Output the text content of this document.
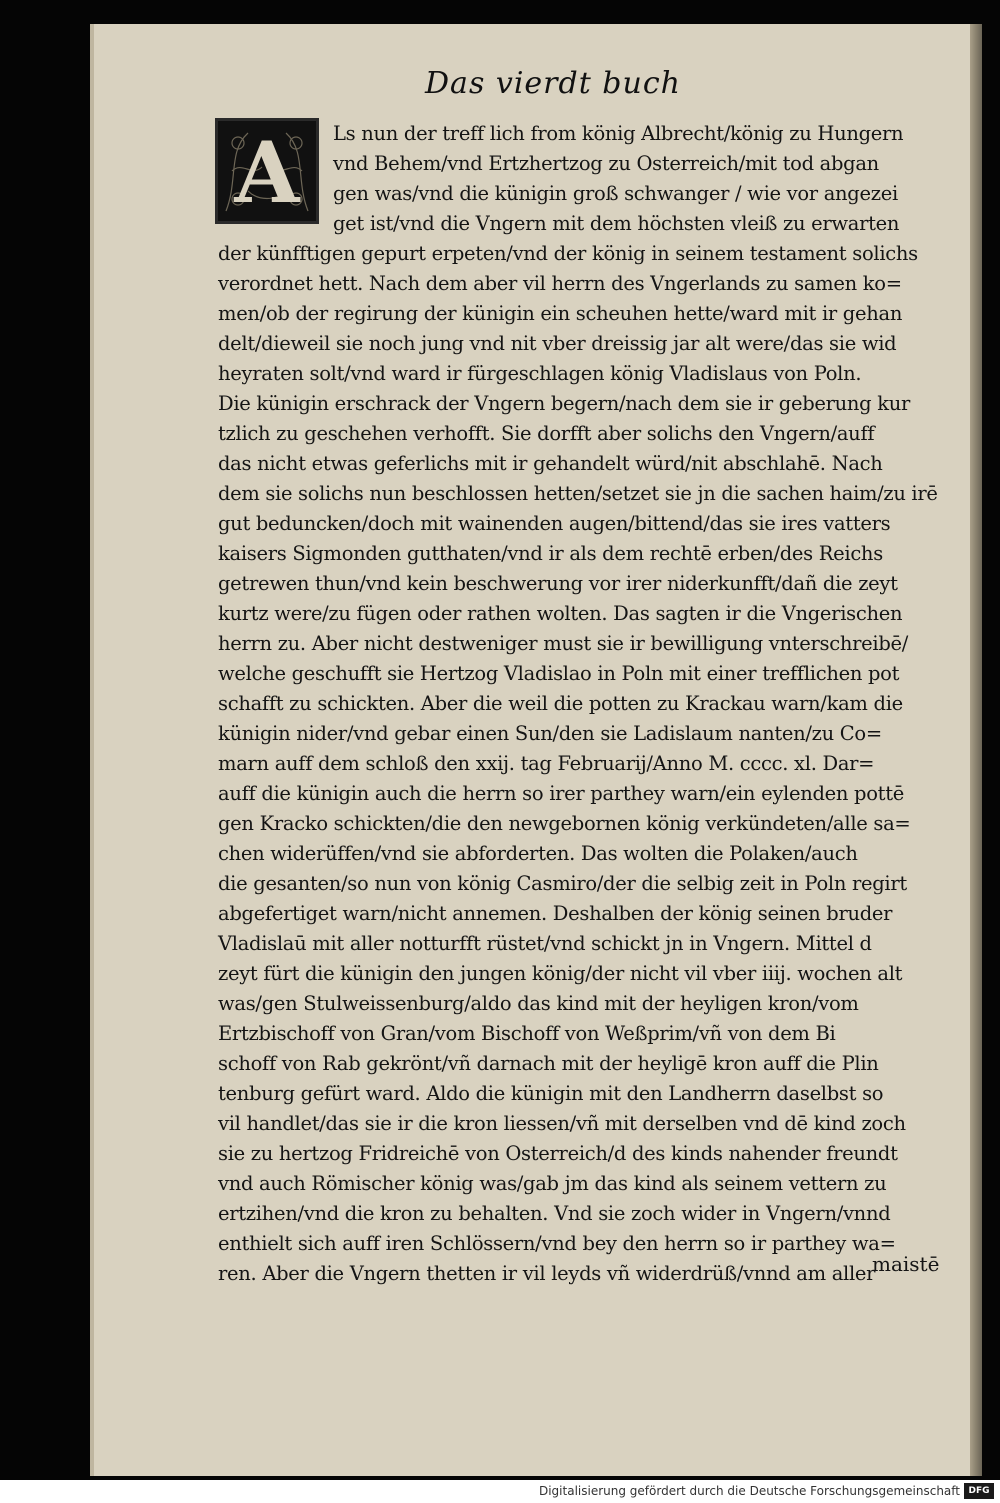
Das vierdt buch
A	Ls nun der treff lich from könig Albrecht/könig zu Hungern
vnd Behem/vnd Ertzhertzog zu Osterreich/mit tod abgan
gen was/vnd die künigin groß schwanger / wie vor angezei
get ist/vnd die Vngern mit dem höchsten vleiß zu erwarten
der künfftigen gepurt erpeten/vnd der könig in seinem testament solichs
verordnet hett. Nach dem aber vil herrn des Vngerlands zu samen ko=
men/ob der regirung der künigin ein scheuhen hette/ward mit ir gehan
delt/dieweil sie noch jung vnd nit vber dreissig jar alt were/das sie wid
heyraten solt/vnd ward ir fürgeschlagen könig Vladislaus von Poln.
Die künigin erschrack der Vngern begern/nach dem sie ir geberung kur
tzlich zu geschehen verhofft. Sie dorfft aber solichs den Vngern/auff
das nicht etwas geferlichs mit ir gehandelt würd/nit abschlahē. Nach
dem sie solichs nun beschlossen hetten/setzet sie jn die sachen haim/zu irē
gut beduncken/doch mit wainenden augen/bittend/das sie ires vatters
kaisers Sigmonden gutthaten/vnd ir als dem rechtē erben/des Reichs
getrewen thun/vnd kein beschwerung vor irer niderkunfft/dañ die zeyt
kurtz were/zu fügen oder rathen wolten. Das sagten ir die Vngerischen
herrn zu. Aber nicht destweniger must sie ir bewilligung vnterschreibē/
welche geschufft sie Hertzog Vladislao in Poln mit einer trefflichen pot
schafft zu schickten. Aber die weil die potten zu Krackau warn/kam die
künigin nider/vnd gebar einen Sun/den sie Ladislaum nanten/zu Co=
marn auff dem schloß den xxij. tag Februarij/Anno M. cccc. xl. Dar=
auff die künigin auch die herrn so irer parthey warn/ein eylenden pottē
gen Kracko schickten/die den newgebornen könig verkündeten/alle sa=
chen widerüffen/vnd sie abforderten. Das wolten die Polaken/auch
die gesanten/so nun von könig Casmiro/der die selbig zeit in Poln regirt
abgefertiget warn/nicht annemen. Deshalben der könig seinen bruder
Vladislaū mit aller notturfft rüstet/vnd schickt jn in Vngern. Mittel d
zeyt fürt die künigin den jungen könig/der nicht vil vber iiij. wochen alt
was/gen Stulweissenburg/aldo das kind mit der heyligen kron/vom
Ertzbischoff von Gran/vom Bischoff von Weßprim/vñ von dem Bi
schoff von Rab gekrönt/vñ darnach mit der heyligē kron auff die Plin
tenburg gefürt ward. Aldo die künigin mit den Landherrn daselbst so
vil handlet/das sie ir die kron liessen/vñ mit derselben vnd dē kind zoch
sie zu hertzog Fridreichē von Osterreich/d des kinds nahender freundt
vnd auch Römischer könig was/gab jm das kind als seinem vettern zu
ertzihen/vnd die kron zu behalten. Vnd sie zoch wider in Vngern/vnnd
enthielt sich auff iren Schlössern/vnd bey den herrn so ir parthey wa=
ren. Aber die Vngern thetten ir vil leyds vñ widerdrüß/vnnd am aller
maistē
Digitalisierung gefördert durch die Deutsche Forschungsgemeinschaft DFG
